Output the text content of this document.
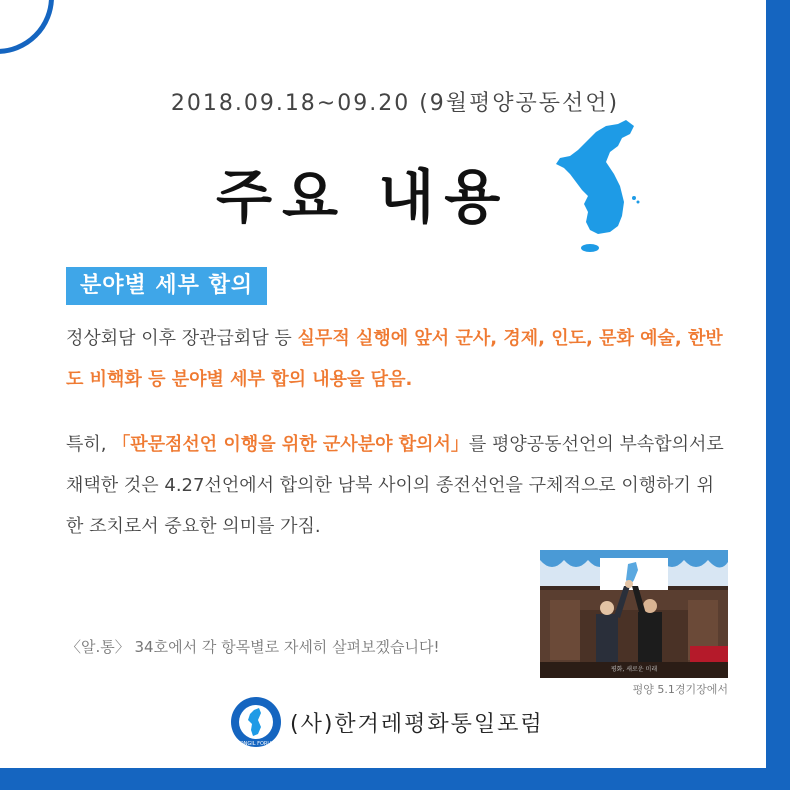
2018.09.18~09.20 (9월평양공동선언)
주요 내용
분야별 세부 합의
정상회담 이후 장관급회담 등 실무적 실행에 앞서 군사, 경제, 인도, 문화 예술, 한반도 비핵화 등 분야별 세부 합의 내용을 담음.
특히, 「판문점선언 이행을 위한 군사분야 합의서」를 평양공동선언의 부속합의서로 채택한 것은 4.27선언에서 합의한 남북 사이의 종전선언을 구체적으로 이행하기 위한 조치로서 중요한 의미를 가짐.
〈알.통〉 34호에서 각 항목별로 자세히 살펴보겠습니다!
평화, 새로운 미래
평양 5.1경기장에서
TONGIL FORUM
(사)한겨레평화통일포럼
